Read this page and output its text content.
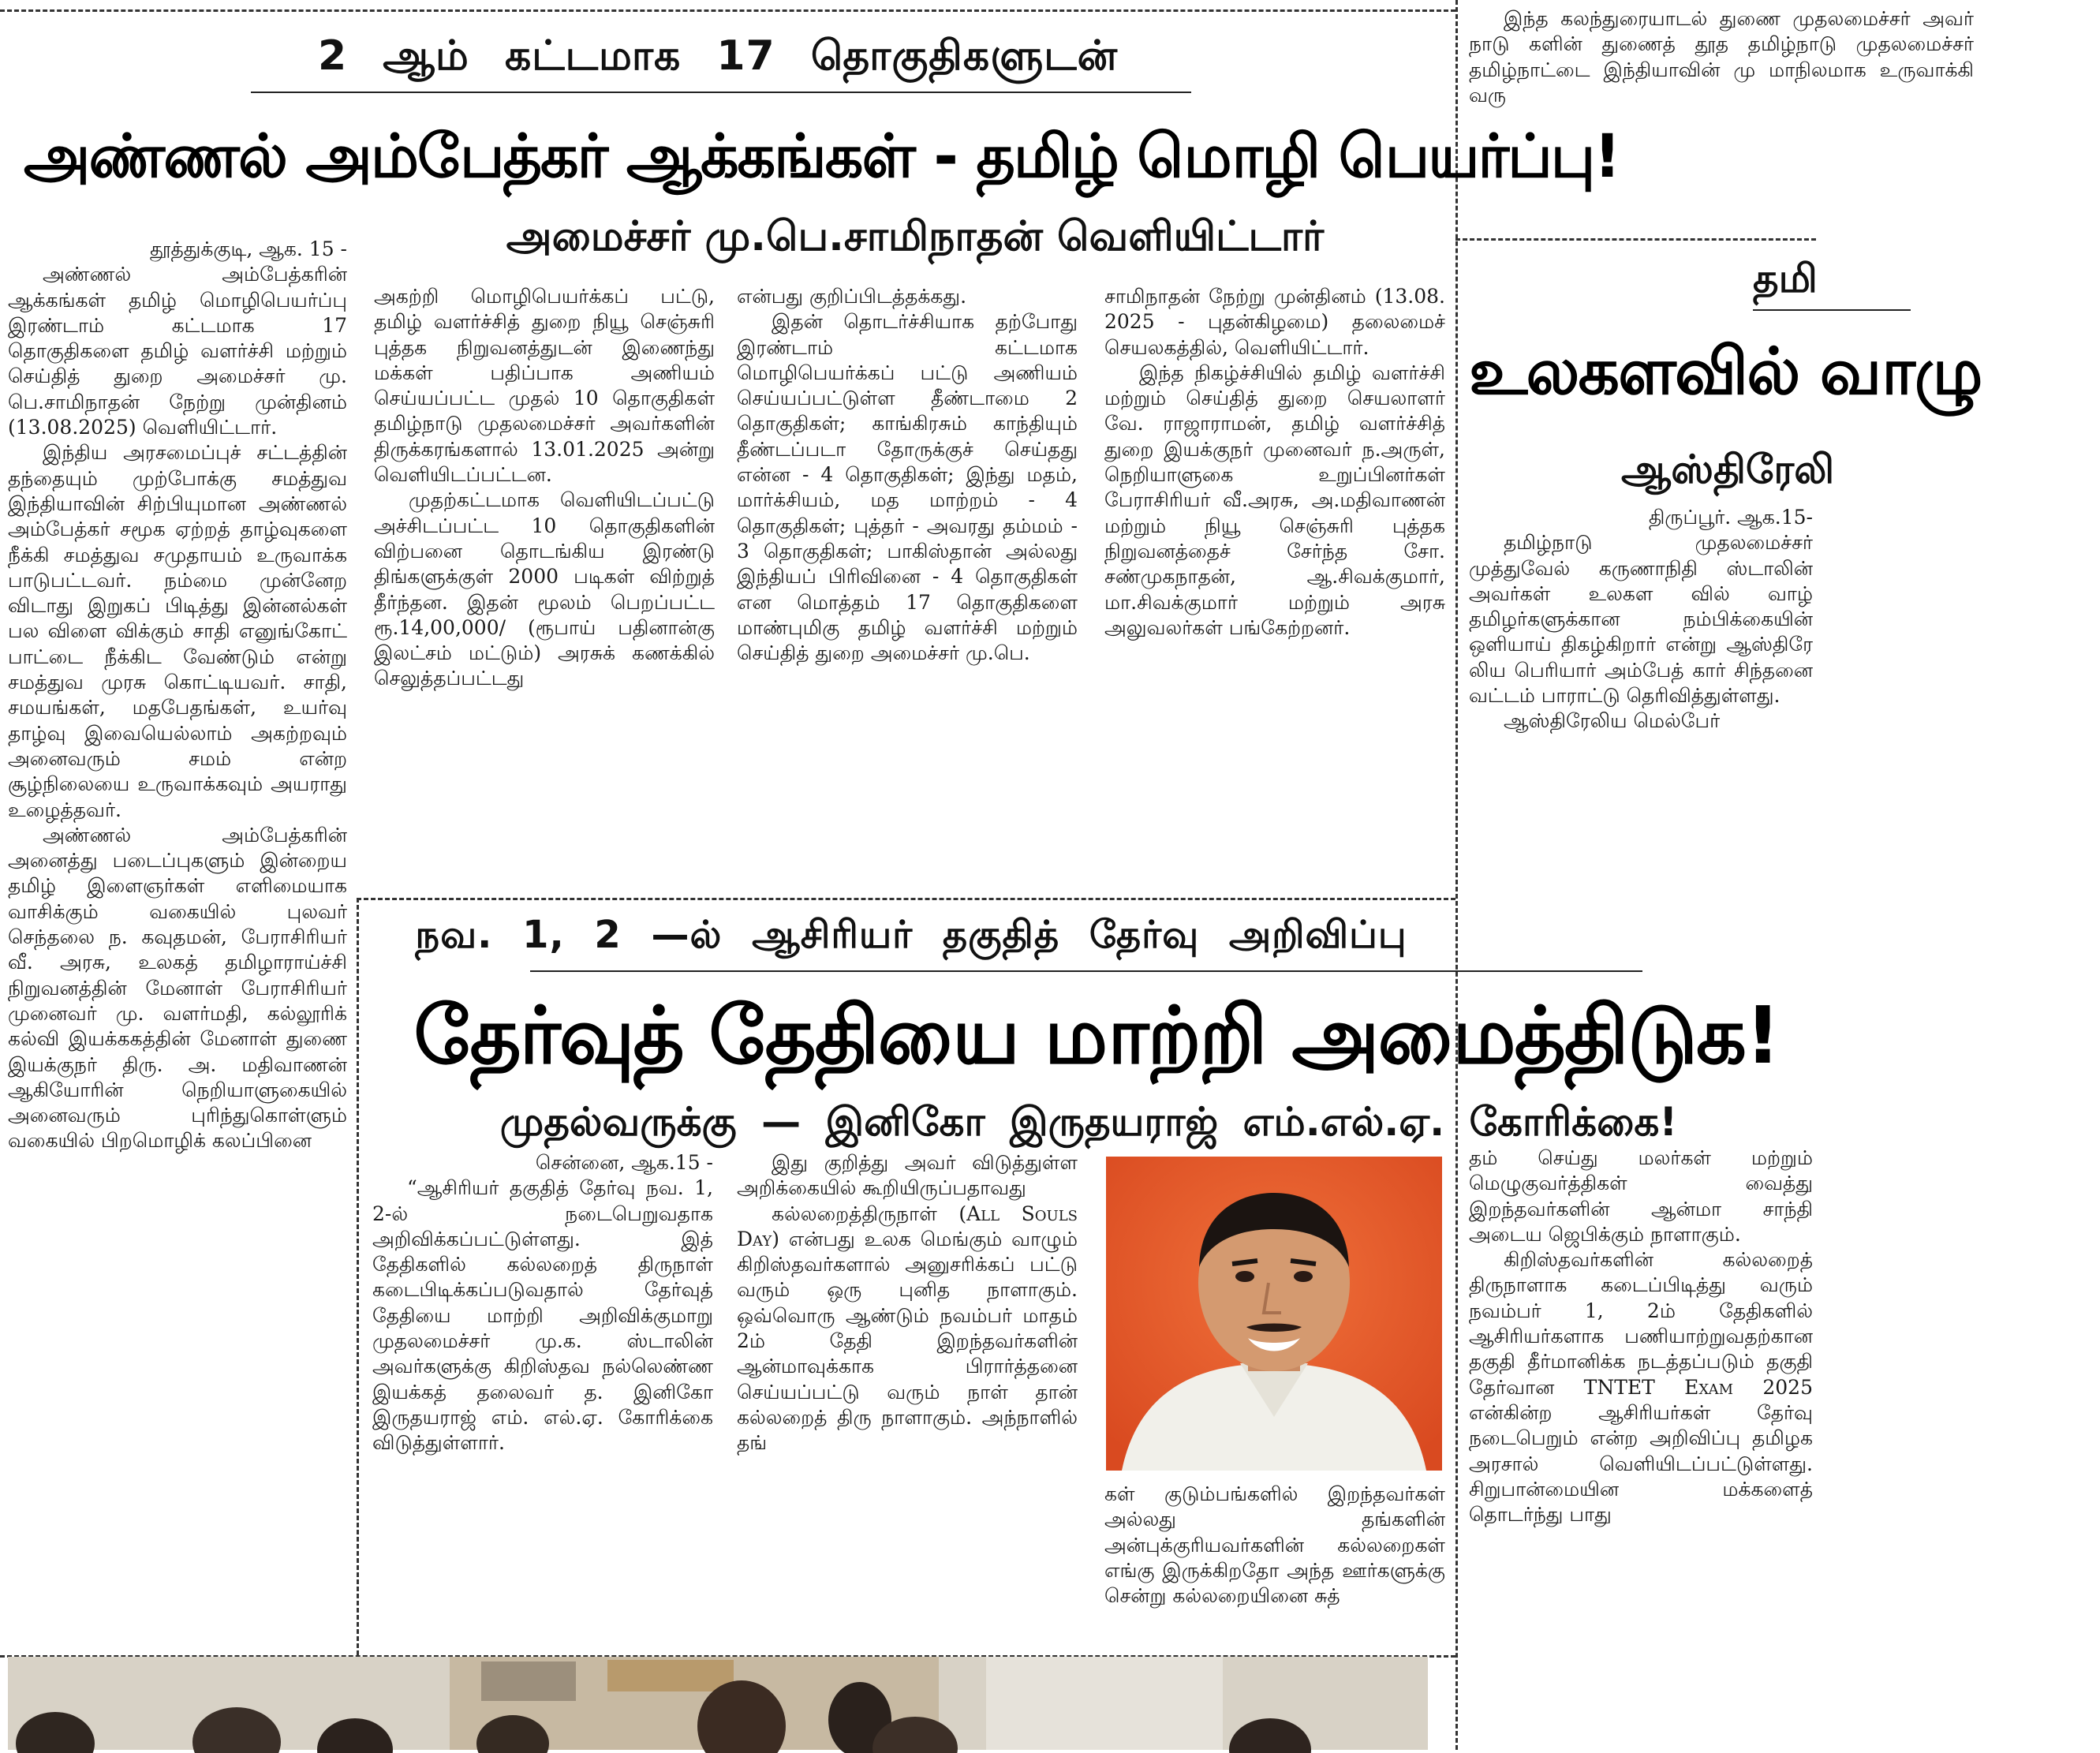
2 ஆம் கட்டமாக 17 தொகுதிகளுடன்
அண்ணல் அம்பேத்கர் ஆக்கங்கள் - தமிழ் மொழி பெயர்ப்பு!
அமைச்சர் மு.பெ.சாமிநாதன் வெளியிட்டார்

தூத்துக்குடி, ஆக. 15 -

அண்ணல் அம்பேத்கரின் ஆக்கங்கள் தமிழ் மொழிபெயர்ப்பு இரண்டாம் கட்டமாக 17 தொகுதிகளை தமிழ் வளர்ச்சி மற்றும் செய்தித் துறை அமைச்சர் மு. பெ.சாமிநாதன் நேற்று முன்தினம் (13.08.2025) வெளியிட்டார்.

இந்திய அரசமைப்புச் சட்டத்தின் தந்தையும் முற்போக்கு சமத்துவ இந்தியாவின் சிற்பியுமான அண்ணல் அம்பேத்கர் சமூக ஏற்றத் தாழ்வுகளை நீக்கி சமத்துவ சமுதாயம் உருவாக்க பாடுபட்டவர். நம்மை முன்னேற விடாது இறுகப் பிடித்து இன்னல்கள் பல விளை விக்கும் சாதி எனுங்கோட் பாட்டை நீக்கிட வேண்டும் என்று சமத்துவ முரசு கொட்டியவர். சாதி, சமயங்கள், மதபேதங்கள், உயர்வு தாழ்வு இவையெல்லாம் அகற்றவும் அனைவரும் சமம் என்ற சூழ்நிலையை உருவாக்கவும் அயராது உழைத்தவர்.

அண்ணல் அம்பேத்கரின் அனைத்து படைப்புகளும் இன்றைய தமிழ் இளைஞர்கள் எளிமையாக வாசிக்கும் வகையில் புலவர் செந்தலை ந. கவுதமன், பேராசிரியர் வீ. அரசு, உலகத் தமிழாராய்ச்சி நிறுவனத்தின் மேனாள் பேராசிரியர் முனைவர் மு. வளர்மதி, கல்லூரிக் கல்வி இயக்ககத்தின் மேனாள் துணை இயக்குநர் திரு. அ. மதிவாணன் ஆகியோரின் நெறியாளுகையில் அனைவரும் புரிந்துகொள்ளும் வகையில் பிறமொழிக் கலப்பினை

அகற்றி மொழிபெயர்க்கப் பட்டு, தமிழ் வளர்ச்சித் துறை நியூ செஞ்சுரி புத்தக நிறுவனத்துடன் இணைந்து மக்கள் பதிப்பாக அணியம் செய்யப்பட்ட முதல் 10 தொகுதிகள் தமிழ்நாடு முதலமைச்சர் அவர்களின் திருக்கரங்களால் 13.01.2025 அன்று வெளியிடப்பட்டன.

முதற்கட்டமாக வெளியிடப்பட்டு அச்சிடப்பட்ட 10 தொகுதிகளின் விற்பனை தொடங்கிய இரண்டு திங்களுக்குள் 2000 படிகள் விற்றுத் தீர்ந்தன. இதன் மூலம் பெறப்பட்ட ரூ.14,00,000/ (ரூபாய் பதினான்கு இலட்சம் மட்டும்) அரசுக் கணக்கில் செலுத்தப்பட்டது

என்பது குறிப்பிடத்தக்கது.

இதன் தொடர்ச்சியாக தற்போது இரண்டாம் கட்டமாக மொழிபெயர்க்கப் பட்டு அணியம் செய்யப்பட்டுள்ள தீண்டாமை 2 தொகுதிகள்; காங்கிரசும் காந்தியும் தீண்டப்படா தோருக்குச் செய்தது என்ன - 4 தொகுதிகள்; இந்து மதம், மார்க்சியம், மத மாற்றம் - 4 தொகுதிகள்; புத்தர் - அவரது தம்மம் - 3 தொகுதிகள்; பாகிஸ்தான் அல்லது இந்தியப் பிரிவினை - 4 தொகுதிகள் என மொத்தம் 17 தொகுதிகளை மாண்புமிகு தமிழ் வளர்ச்சி மற்றும் செய்தித் துறை அமைச்சர் மு.பெ.

சாமிநாதன் நேற்று முன்தினம் (13.08. 2025 - புதன்கிழமை) தலைமைச் செயலகத்தில், வெளியிட்டார்.

இந்த நிகழ்ச்சியில் தமிழ் வளர்ச்சி மற்றும் செய்தித் துறை செயலாளர் வே. ராஜாராமன், தமிழ் வளர்ச்சித் துறை இயக்குநர் முனைவர் ந.அருள், நெறியாளுகை உறுப்பினர்கள் பேராசிரியர் வீ.அரசு, அ.மதிவாணன் மற்றும் நியூ செஞ்சுரி புத்தக நிறுவனத்தைச் சேர்ந்த சோ. சண்முகநாதன், ஆ.சிவக்குமார், மா.சிவக்குமார் மற்றும் அரசு அலுவலர்கள் பங்கேற்றனர்.

இந்த கலந்துரையாடல் துணை முதலமைச்சர் அவர் நாடு களின் துணைத் தூத தமிழ்நாடு முதலமைச்சர் தமிழ்நாட்டை இந்தியாவின் மு மாநிலமாக உருவாக்கி வரு

தமி
உலகளவில் வாழு
ஆஸ்திரேலி

திருப்பூர். ஆக.15-

தமிழ்நாடு முதலமைச்சர் முத்துவேல் கருணாநிதி ஸ்டாலின் அவர்கள் உலகள வில் வாழ் தமிழர்களுக்கான நம்பிக்கையின் ஒளியாய் திகழ்கிறார் என்று ஆஸ்திரே லிய பெரியார் அம்பேத் கார் சிந்தனை வட்டம் பாராட்டு தெரிவித்துள்ளது.

ஆஸ்திரேலிய மெல்பேர்

தம் செய்து மலர்கள் மற்றும் மெழுகுவர்த்திகள் வைத்து இறந்தவர்களின் ஆன்மா சாந்தி அடைய ஜெபிக்கும் நாளாகும்.

கிறிஸ்தவர்களின் கல்லறைத் திருநாளாக கடைப்பிடித்து வரும் நவம்பர் 1, 2ம் தேதிகளில் ஆசிரியர்களாக பணியாற்றுவதற்கான தகுதி தீர்மானிக்க நடத்தப்படும் தகுதி தேர்வான TNTET Exam 2025 என்கின்ற ஆசிரியர்கள் தேர்வு நடைபெறும் என்ற அறிவிப்பு தமிழக அரசால் வெளியிடப்பட்டுள்ளது. சிறுபான்மையின மக்களைத் தொடர்ந்து பாது

நவ. 1, 2 —ல் ஆசிரியர் தகுதித் தேர்வு அறிவிப்பு
தேர்வுத் தேதியை மாற்றி அமைத்திடுக!
முதல்வருக்கு — இனிகோ இருதயராஜ் எம்.எல்.ஏ. கோரிக்கை!

சென்னை, ஆக.15 -

“ஆசிரியர் தகுதித் தேர்வு நவ. 1, 2-ல் நடைபெறுவதாக அறிவிக்கப்பட்டுள்ளது. இத் தேதிகளில் கல்லறைத் திருநாள் கடைபிடிக்கப்படுவதால் தேர்வுத் தேதியை மாற்றி அறிவிக்குமாறு முதலமைச்சர் மு.க. ஸ்டாலின் அவர்களுக்கு கிறிஸ்தவ நல்லெண்ண இயக்கத் தலைவர் த. இனிகோ இருதயராஜ் எம். எல்.ஏ. கோரிக்கை விடுத்துள்ளார்.

இது குறித்து அவர் விடுத்துள்ள அறிக்கையில் கூறியிருப்பதாவது

கல்லறைத்திருநாள் (All Souls Day) என்பது உலக மெங்கும் வாழும் கிறிஸ்தவர்களால் அனுசரிக்கப் பட்டு வரும் ஒரு புனித நாளாகும். ஒவ்வொரு ஆண்டும் நவம்பர் மாதம் 2ம் தேதி இறந்தவர்களின் ஆன்மாவுக்காக பிரார்த்தனை செய்யப்பட்டு வரும் நாள் தான் கல்லறைத் திரு நாளாகும். அந்நாளில் தங்

கள் குடும்பங்களில் இறந்தவர்கள் அல்லது தங்களின் அன்புக்குரியவர்களின் கல்லறைகள் எங்கு இருக்கிறதோ அந்த ஊர்களுக்கு சென்று கல்லறையினை சுத்
